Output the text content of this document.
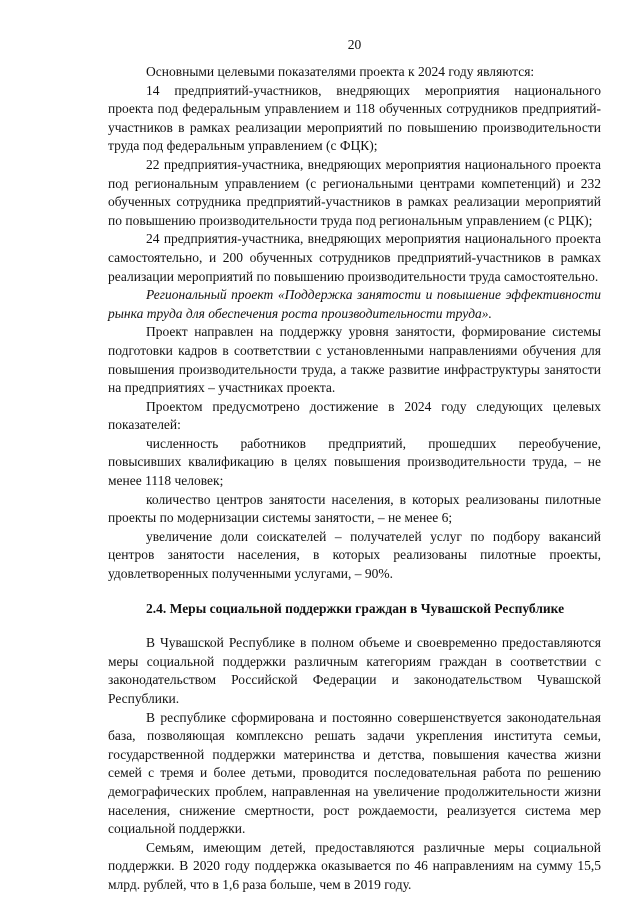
20

Основными целевыми показателями проекта к 2024 году являются:

14 предприятий-участников, внедряющих мероприятия национального проекта под федеральным управлением и 118 обученных сотрудников предприятий-участников в рамках реализации мероприятий по повышению производительности труда под федеральным управлением (с ФЦК);

22 предприятия-участника, внедряющих мероприятия национального проекта под региональным управлением (с региональными центрами компетенций) и 232 обученных сотрудника предприятий-участников в рамках реализации мероприятий по повышению производительности труда под региональным управлением (с РЦК);

24 предприятия-участника, внедряющих мероприятия национального проекта самостоятельно, и 200 обученных сотрудников предприятий-участников в рамках реализации мероприятий по повышению производительности труда самостоятельно.

Региональный проект «Поддержка занятости и повышение эффективности рынка труда для обеспечения роста производительности труда».

Проект направлен на поддержку уровня занятости, формирование системы подготовки кадров в соответствии с установленными направлениями обучения для повышения производительности труда, а также развитие инфраструктуры занятости на предприятиях – участниках проекта.

Проектом предусмотрено достижение в 2024 году следующих целевых показателей:

численность работников предприятий, прошедших переобучение, повысивших квалификацию в целях повышения производительности труда, – не менее 1118 человек;

количество центров занятости населения, в которых реализованы пилотные проекты по модернизации системы занятости, – не менее 6;

увеличение доли соискателей – получателей услуг по подбору вакансий центров занятости населения, в которых реализованы пилотные проекты, удовлетворенных полученными услугами, – 90%.

2.4. Меры социальной поддержки граждан в Чувашской Республике

В Чувашской Республике в полном объеме и своевременно предоставляются меры социальной поддержки различным категориям граждан в соответствии с законодательством Российской Федерации и законодательством Чувашской Республики.

В республике сформирована и постоянно совершенствуется законодательная база, позволяющая комплексно решать задачи укрепления института семьи, государственной поддержки материнства и детства, повышения качества жизни семей с тремя и более детьми, проводится последовательная работа по решению демографических проблем, направленная на увеличение продолжительности жизни населения, снижение смертности, рост рождаемости, реализуется система мер социальной поддержки.

Семьям, имеющим детей, предоставляются различные меры социальной поддержки. В 2020 году поддержка оказывается по 46 направлениям на сумму 15,5 млрд. рублей, что в 1,6 раза больше, чем в 2019 году.
